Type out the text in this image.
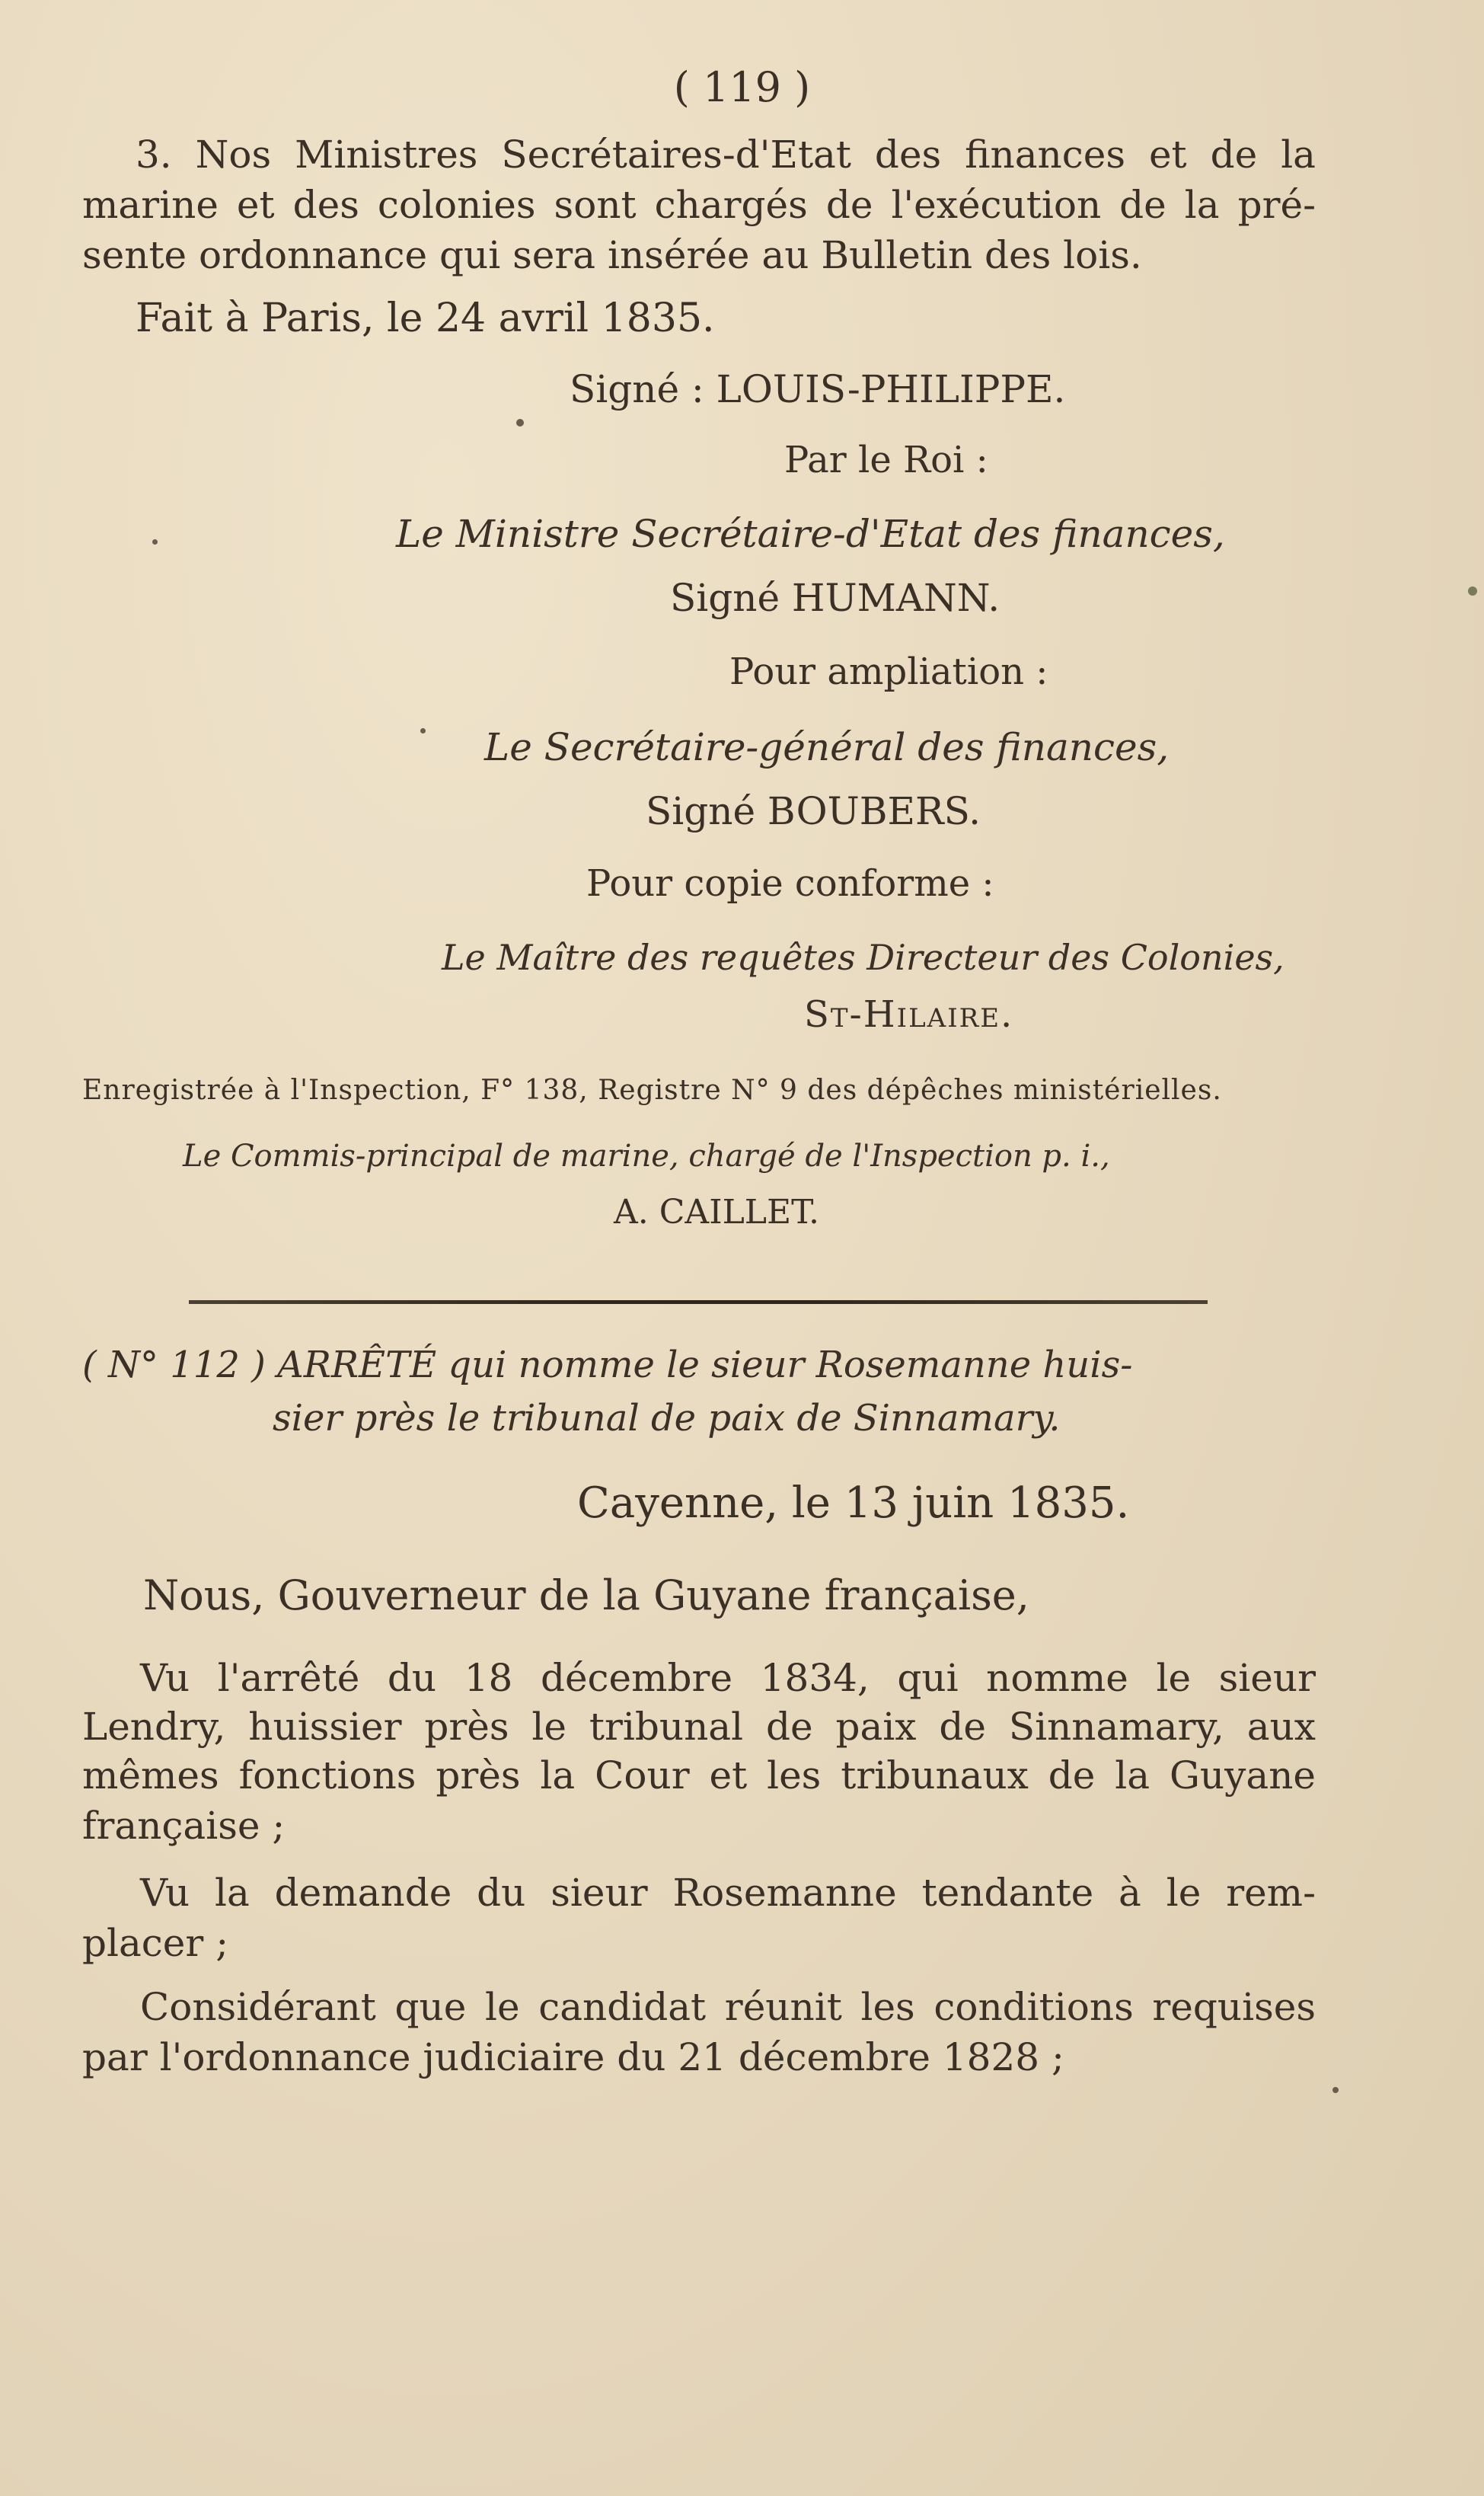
( 119 )
3. Nos Ministres Secrétaires-d'Etat des finances et de la
marine et des colonies sont chargés de l'exécution de la pré-
sente ordonnance qui sera insérée au Bulletin des lois.
Fait à Paris, le 24 avril 1835.
Signé : LOUIS-PHILIPPE.
Par le Roi :
Le Ministre Secrétaire-d'Etat des finances,
Signé HUMANN.
Pour ampliation :
Le Secrétaire-général des finances,
Signé BOUBERS.
Pour copie conforme :
Le Maître des requêtes Directeur des Colonies,
St-Hilaire.
Enregistrée à l'Inspection, F° 138, Registre N° 9 des dépêches ministérielles.
Le Commis-principal de marine, chargé de l'Inspection p. i.,
A. CAILLET.
( N° 112 ) ARRÊTÉ qui nomme le sieur Rosemanne huis-
sier près le tribunal de paix de Sinnamary.
Cayenne, le 13 juin 1835.
Nous, Gouverneur de la Guyane française,
Vu l'arrêté du 18 décembre 1834, qui nomme le sieur
Lendry, huissier près le tribunal de paix de Sinnamary, aux
mêmes fonctions près la Cour et les tribunaux de la Guyane
française ;
Vu la demande du sieur Rosemanne tendante à le rem-
placer ;
Considérant que le candidat réunit les conditions requises
par l'ordonnance judiciaire du 21 décembre 1828 ;
